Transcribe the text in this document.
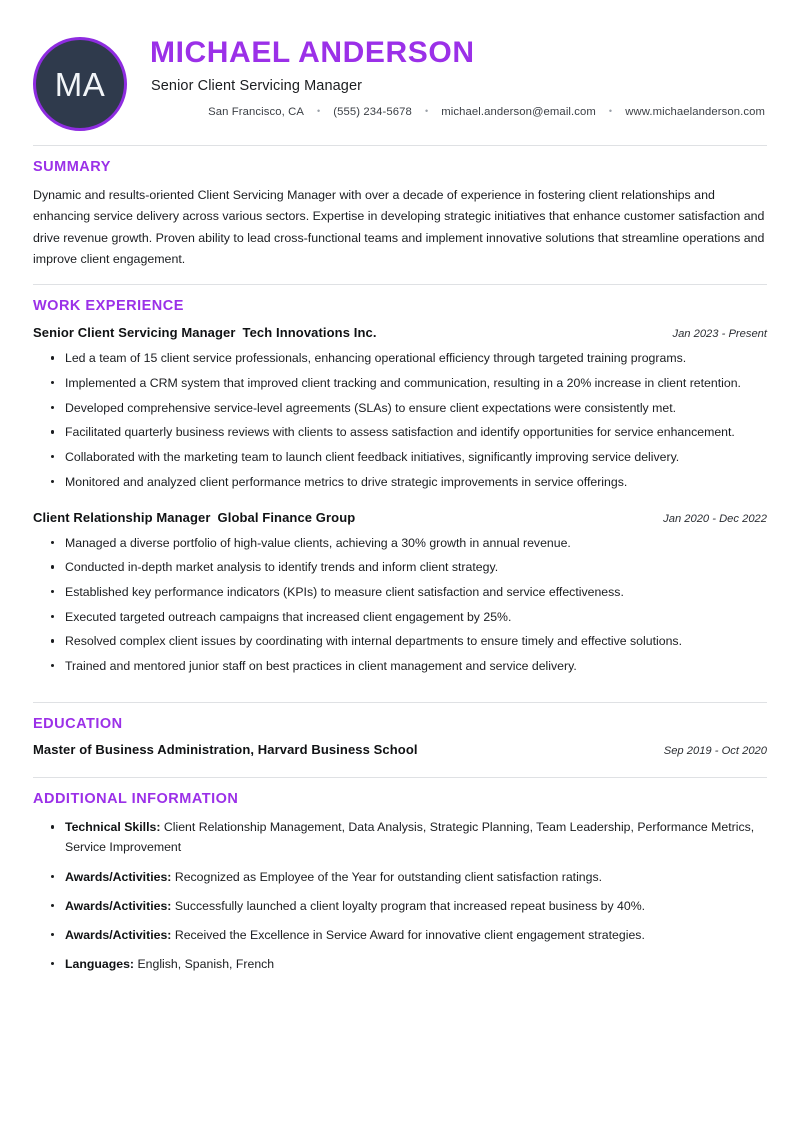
MA
MICHAEL ANDERSON
Senior Client Servicing Manager
San Francisco, CA	•	(555) 234-5678	•	michael.anderson@email.com	•	www.michaelanderson.com
SUMMARY

Dynamic and results-oriented Client Servicing Manager with over a decade of experience in fostering client relationships and enhancing service delivery across various sectors. Expertise in developing strategic initiatives that enhance customer satisfaction and drive revenue growth. Proven ability to lead cross-functional teams and implement innovative solutions that streamline operations and improve client engagement.

WORK EXPERIENCE
Senior Client Servicing Manager Tech Innovations Inc.	Jan 2023 - Present
Led a team of 15 client service professionals, enhancing operational efficiency through targeted training programs.
Implemented a CRM system that improved client tracking and communication, resulting in a 20% increase in client retention.
Developed comprehensive service-level agreements (SLAs) to ensure client expectations were consistently met.
Facilitated quarterly business reviews with clients to assess satisfaction and identify opportunities for service enhancement.
Collaborated with the marketing team to launch client feedback initiatives, significantly improving service delivery.
Monitored and analyzed client performance metrics to drive strategic improvements in service offerings.
Client Relationship Manager Global Finance Group	Jan 2020 - Dec 2022
Managed a diverse portfolio of high-value clients, achieving a 30% growth in annual revenue.
Conducted in-depth market analysis to identify trends and inform client strategy.
Established key performance indicators (KPIs) to measure client satisfaction and service effectiveness.
Executed targeted outreach campaigns that increased client engagement by 25%.
Resolved complex client issues by coordinating with internal departments to ensure timely and effective solutions.
Trained and mentored junior staff on best practices in client management and service delivery.
EDUCATION
Master of Business Administration, Harvard Business School	Sep 2019 - Oct 2020
ADDITIONAL INFORMATION
Technical Skills: Client Relationship Management, Data Analysis, Strategic Planning, Team Leadership, Performance Metrics, Service Improvement
Awards/Activities: Recognized as Employee of the Year for outstanding client satisfaction ratings.
Awards/Activities: Successfully launched a client loyalty program that increased repeat business by 40%.
Awards/Activities: Received the Excellence in Service Award for innovative client engagement strategies.
Languages: English, Spanish, French
